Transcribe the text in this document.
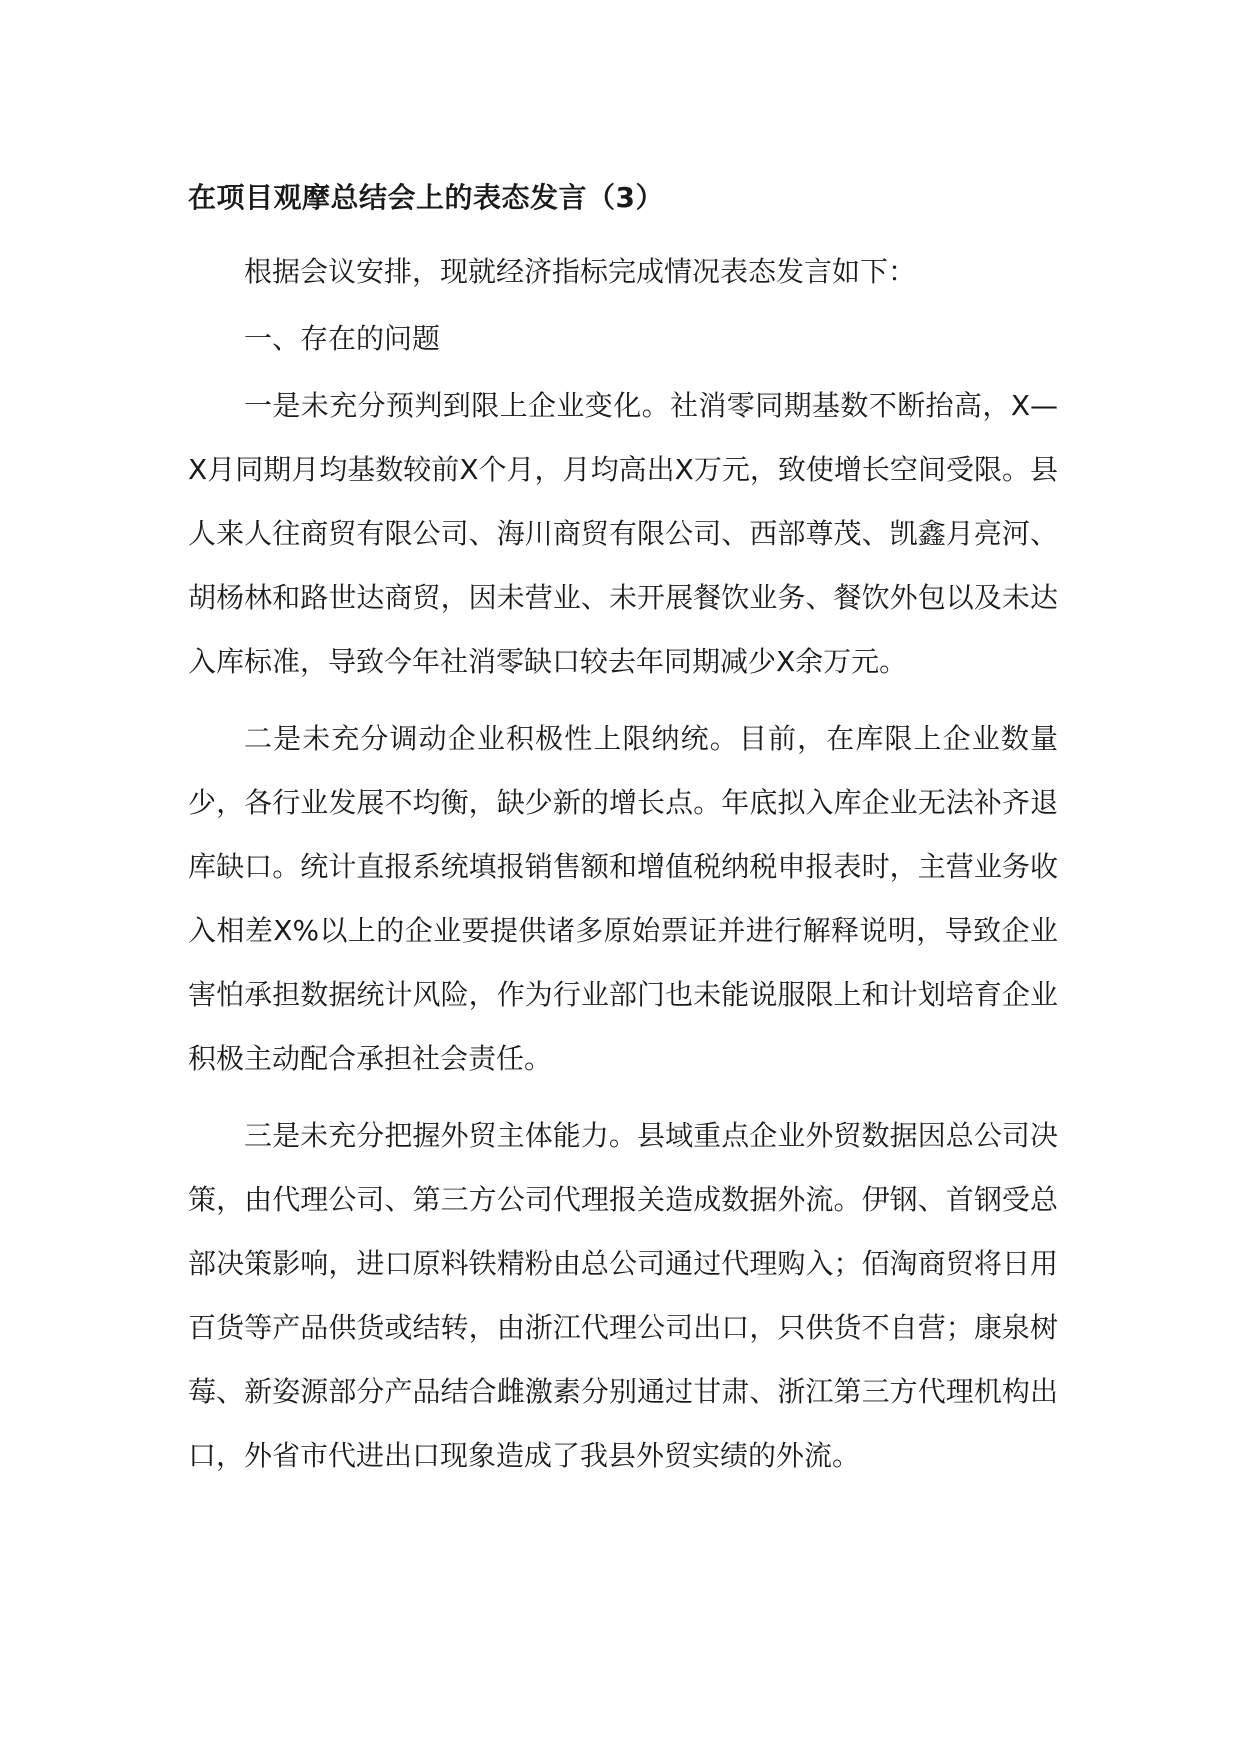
在项目观摩总结会上的表态发言（3）

根据会议安排，现就经济指标完成情况表态发言如下：

一、存在的问题

一是未充分预判到限上企业变化。社消零同期基数不断抬高，X—X月同期月均基数较前X个月，月均高出X万元，致使增长空间受限。县人来人往商贸有限公司、海川商贸有限公司、西部尊茂、凯鑫月亮河、胡杨林和路世达商贸，因未营业、未开展餐饮业务、餐饮外包以及未达入库标准，导致今年社消零缺口较去年同期减少X余万元。

二是未充分调动企业积极性上限纳统。目前，在库限上企业数量少，各行业发展不均衡，缺少新的增长点。年底拟入库企业无法补齐退库缺口。统计直报系统填报销售额和增值税纳税申报表时，主营业务收入相差X%以上的企业要提供诸多原始票证并进行解释说明，导致企业害怕承担数据统计风险，作为行业部门也未能说服限上和计划培育企业积极主动配合承担社会责任。

三是未充分把握外贸主体能力。县域重点企业外贸数据因总公司决策，由代理公司、第三方公司代理报关造成数据外流。伊钢、首钢受总部决策影响，进口原料铁精粉由总公司通过代理购入；佰淘商贸将日用百货等产品供货或结转，由浙江代理公司出口，只供货不自营；康泉树莓、新姿源部分产品结合雌激素分别通过甘肃、浙江第三方代理机构出口，外省市代进出口现象造成了我县外贸实绩的外流。
